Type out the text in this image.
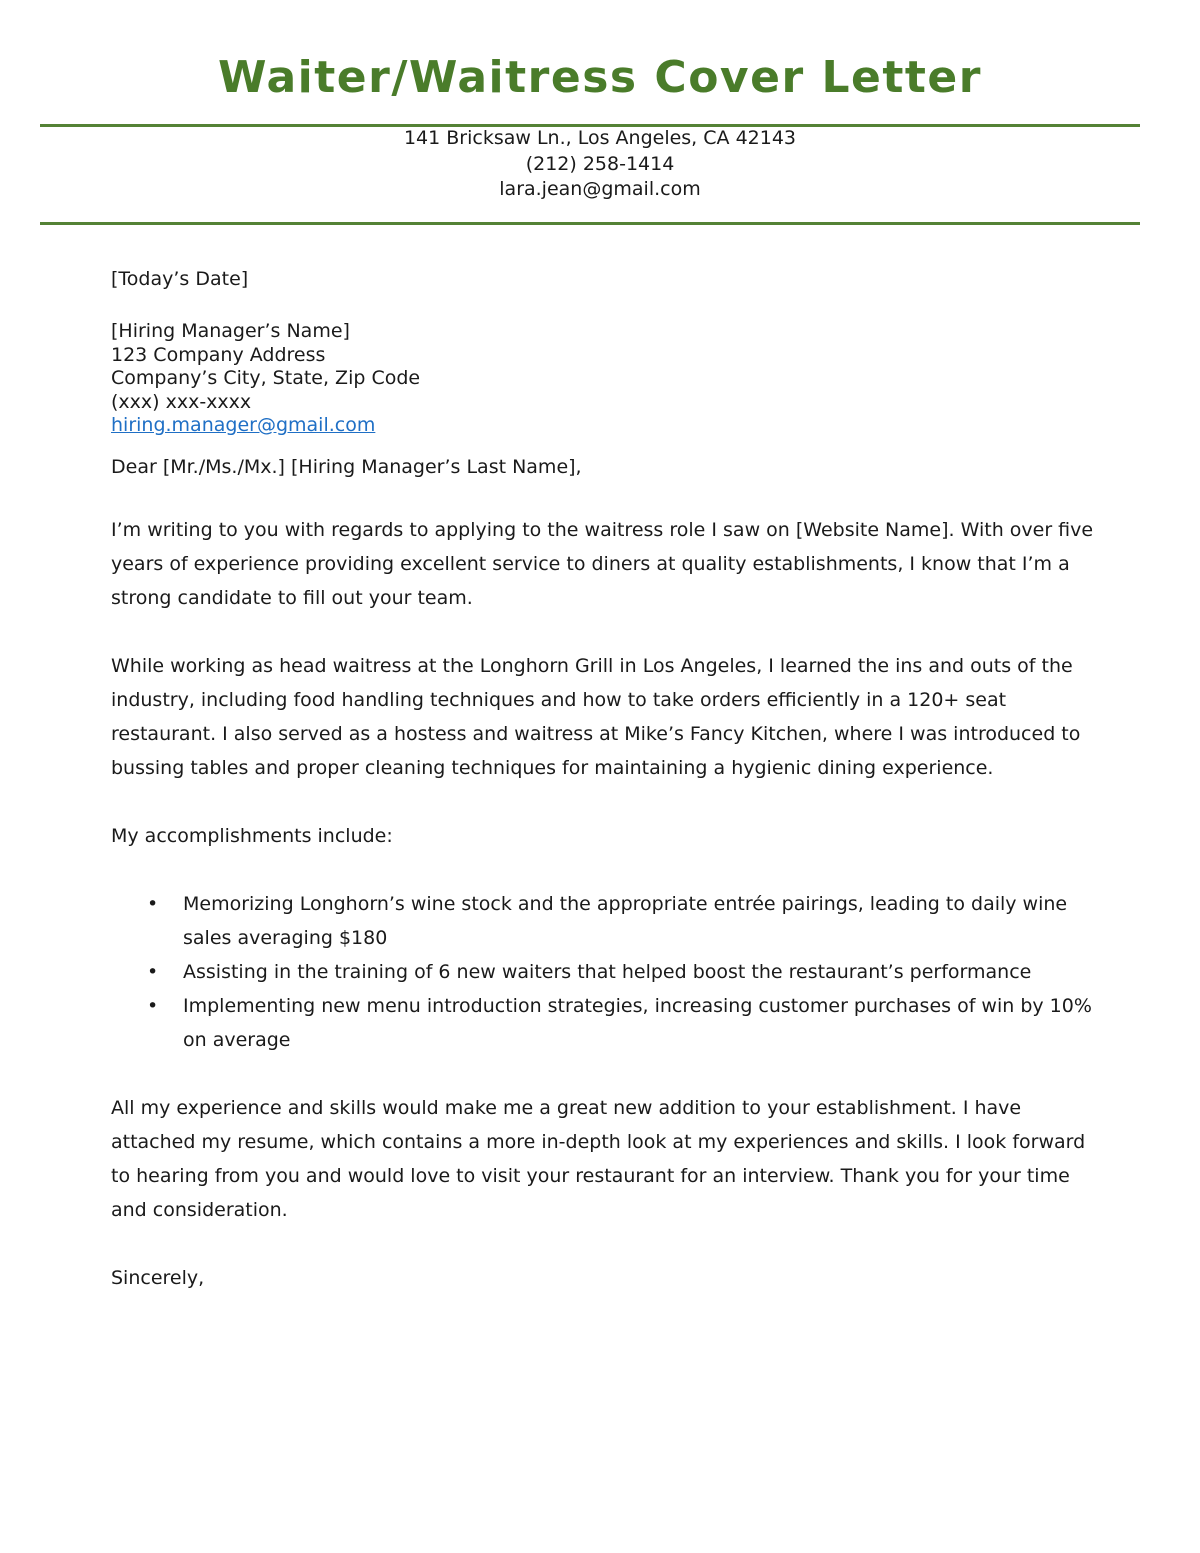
Waiter/Waitress Cover Letter
141 Bricksaw Ln., Los Angeles, CA 42143
(212) 258-1414
lara.jean@gmail.com
[Today’s Date]
[Hiring Manager’s Name]
123 Company Address
Company’s City, State, Zip Code
(xxx) xxx-xxxx
hiring.manager@gmail.com
Dear [Mr./Ms./Mx.] [Hiring Manager’s Last Name],

I’m writing to you with regards to applying to the waitress role I saw on [Website Name]. With over five years of experience providing excellent service to diners at quality establishments, I know that I’m a strong candidate to fill out your team.

While working as head waitress at the Longhorn Grill in Los Angeles, I learned the ins and outs of the industry, including food handling techniques and how to take orders efficiently in a 120+ seat restaurant. I also served as a hostess and waitress at Mike’s Fancy Kitchen, where I was introduced to bussing tables and proper cleaning techniques for maintaining a hygienic dining experience.

My accomplishments include:

• Memorizing Longhorn’s wine stock and the appropriate entrée pairings, leading to daily wine sales averaging $180
• Assisting in the training of 6 new waiters that helped boost the restaurant’s performance
• Implementing new menu introduction strategies, increasing customer purchases of win by 10% on average

All my experience and skills would make me a great new addition to your establishment. I have attached my resume, which contains a more in-depth look at my experiences and skills. I look forward to hearing from you and would love to visit your restaurant for an interview. Thank you for your time and consideration.

Sincerely,
